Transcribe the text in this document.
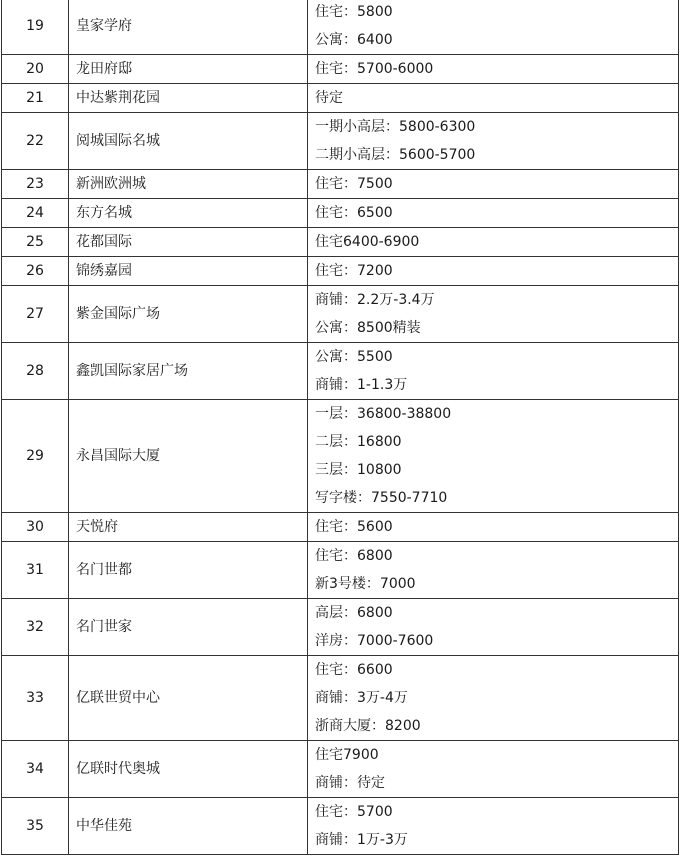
19	皇家学府	住宅：5800
公寓：6400

20	龙田府邸	住宅：5700-6000

21	中达紫荆花园	待定

22	阅城国际名城	一期小高层：5800-6300
二期小高层：5600-5700

23	新洲欧洲城	住宅：7500

24	东方名城	住宅：6500

25	花都国际	住宅6400-6900

26	锦绣嘉园	住宅：7200

27	紫金国际广场	商铺：2.2万-3.4万
公寓：8500精装

28	鑫凯国际家居广场	公寓：5500
商铺：1-1.3万

29	永昌国际大厦	一层：36800-38800
二层：16800
三层：10800
写字楼：7550-7710

30	天悦府	住宅：5600

31	名门世都	住宅：6800
新3号楼：7000

32	名门世家	高层：6800
洋房：7000-7600

33	亿联世贸中心	住宅：6600
商铺：3万-4万
浙商大厦：8200

34	亿联时代奥城	住宅7900
商铺：待定

35	中华佳苑	住宅：5700
商铺：1万-3万
